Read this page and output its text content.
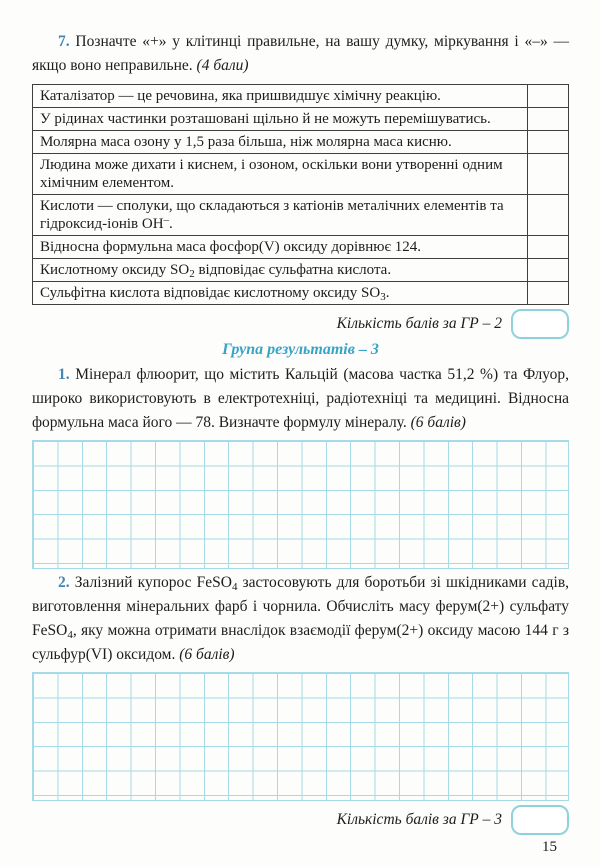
7. Позначте «+» у клітинці правильне, на вашу думку, міркування і «–» — якщо воно неправильне. (4 бали)

Каталізатор — це речовина, яка пришвидшує хімічну реакцію.	
У рідинах частинки розташовані щільно й не можуть перемішуватись.	
Молярна маса озону у 1,5 раза більша, ніж молярна маса кисню.	
Людина може дихати і киснем, і озоном, оскільки вони утворенні одним хімічним елементом.	
Кислоти — сполуки, що складаються з катіонів металічних елементів та гідроксид-іонів ОН–.	
Відносна формульна маса фосфор(V) оксиду дорівнює 124.	
Кислотному оксиду $SO_2$ відповідає сульфатна кислота.	
Сульфітна кислота відповідає кислотному оксиду $SO_3$.	
Кількість балів за ГР – 2
Група результатів – 3

1. Мінерал флюорит, що містить Кальцій (масова частка 51,2 %) та Флуор, широко використовують в електротехніці, радіотехніці та медицині. Відносна формульна маса його — 78. Визначте формулу мінералу. (6 балів)

2. Залізний купорос FeSO$_4$ застосовують для боротьби зі шкідниками садів, виготовлення мінеральних фарб і чорнила. Обчисліть масу ферум(2+) сульфату FeSO$_4$, яку можна отримати внаслідок взаємодії ферум(2+) оксиду масою 144 г з сульфур(VI) оксидом. (6 балів)

Кількість балів за ГР – 3
15
